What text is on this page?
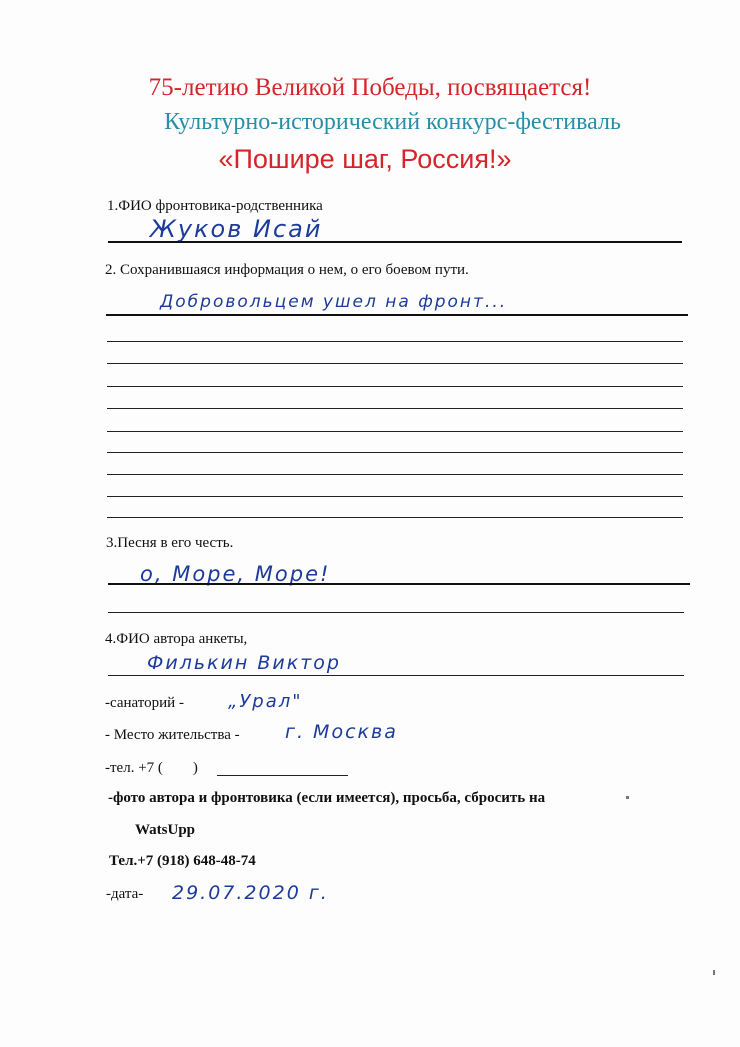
75-летию Великой Победы, посвящается!
Культурно-исторический конкурс-фестиваль
«Пошире шаг, Россия!»
1.ФИО фронтовика-родственника
Жуков Исай
2. Сохранившаяся информация о нем, о его боевом пути.
Добровольцем ушел на фронт...
3.Песня в его честь.
о, Море, Море!
4.ФИО автора анкеты,
Филькин Виктор
-санаторий - „Урал"
- Место жительства - г. Москва
-тел. +7 (        )
-фото автора и фронтовика (если имеется), просьба, сбросить на
WatsUpp
Тел.+7 (918) 648-48-74
-дата- 29.07.2020 г.
